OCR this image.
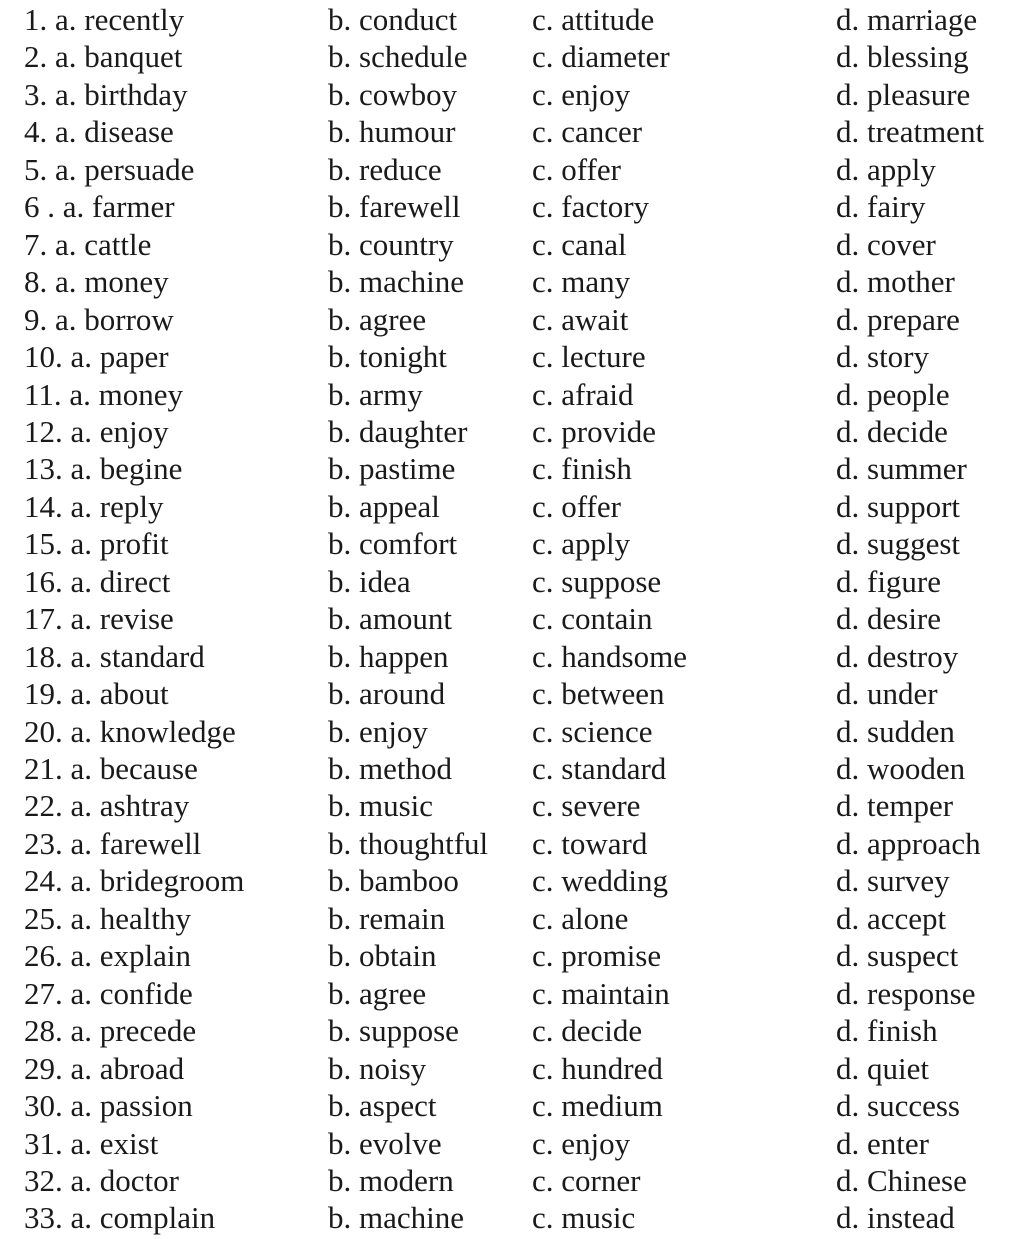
1. a. recently	b. conduct c. attitude	d. marriage
2. a. banquet	b. schedule c. diameter	d. blessing
3. a. birthday	b. cowboy c. enjoy	d. pleasure
4. a. disease	b. humour c. cancer	d. treatment
5. a. persuade	b. reduce	c. offer	d. apply
6 . a. farmer	b. farewell c. factory	d. fairy
7. a. cattle	b. country	c. canal	d. cover
8. a. money	b. machine c. many	d. mother
9. a. borrow	b. agree	c. await	d. prepare
10. a. paper	b. tonight	c. lecture	d. story
11. a. money	b. army	c. afraid	d. people
12. a. enjoy	b. daughter c. provide	d. decide
13. a. begine	b. pastime c. finish	d. summer
14. a. reply	b. appeal	c. offer	d. support
15. a. profit	b. comfort c. apply	d. suggest
16. a. direct	b. idea	c. suppose	d. figure
17. a. revise	b. amount	c. contain	d. desire
18. a. standard	b. happen	c. handsome	d. destroy
19. a. about	b. around	c. between	d. under
20. a. knowledge	b. enjoy	c. science	d. sudden
21. a. because	b. method	c. standard	d. wooden
22. a. ashtray	b. music	c. severe	d. temper
23. a. farewell	b. thoughtful c. toward	d. approach
24. a. bridegroom	b. bamboo c. wedding	d. survey
25. a. healthy	b. remain	c. alone	d. accept
26. a. explain	b. obtain	c. promise	d. suspect
27. a. confide	b. agree	c. maintain	d. response
28. a. precede	b. suppose c. decide	d. finish
29. a. abroad	b. noisy	c. hundred	d. quiet
30. a. passion	b. aspect	c. medium	d. success
31. a. exist	b. evolve	c. enjoy	d. enter
32. a. doctor	b. modern	c. corner	d. Chinese
33. a. complain	b. machine c. music	d. instead
